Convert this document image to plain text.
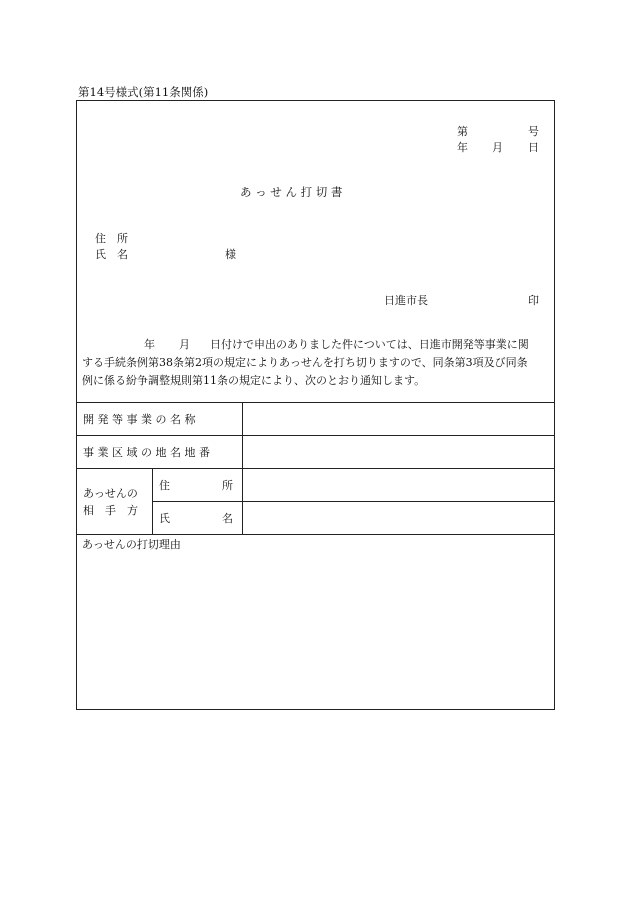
第14号様式(第11条関係)
第	号
年 月 日
あ っ せ ん 打 切 書
住　所
氏　名	様
日進市長	印
年 月 日付けで申出のありました件については、日進市開発等事業に関
する手続条例第38条第2項の規定によりあっせんを打ち切りますので、同条第3項及び同条
例に係る紛争調整規則第11条の規定により、次のとおり通知します。
開 発 等 事 業 の 名 称		
事 業 区 域 の 地 名 地 番		

あっせんの
相　手　方	住 所	
	氏 名	
あっせんの打切理由
